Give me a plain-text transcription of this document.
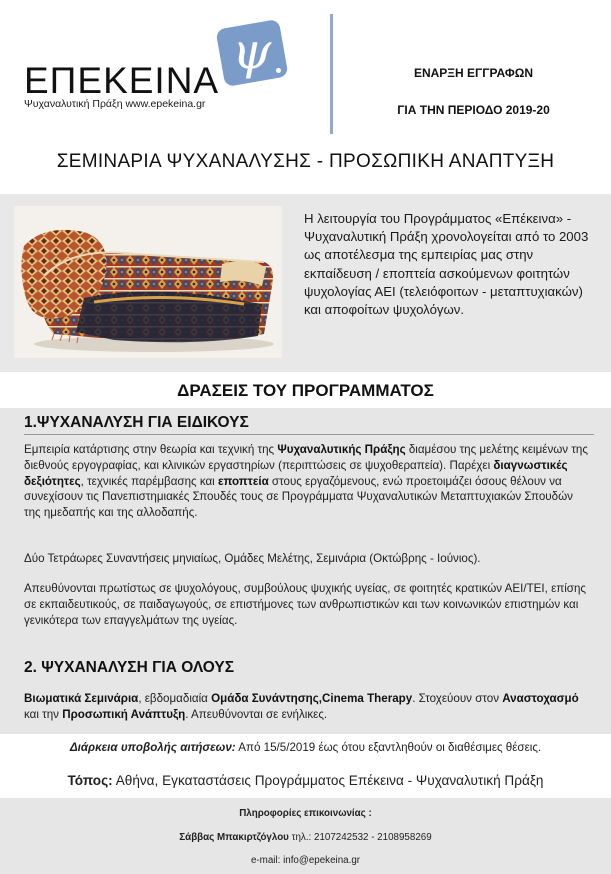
ψ
ΕΠΕΚΕΙΝΑ
Ψυχαναλυτική Πράξη www.epekeina.gr
ΕΝΑΡΞΗ ΕΓΓΡΑΦΩΝ
ΓΙΑ ΤΗΝ ΠΕΡΙΟΔΟ 2019-20
ΣΕΜΙΝΑΡΙΑ ΨΥΧΑΝΑΛΥΣΗΣ - ΠΡΟΣΩΠΙΚΗ ΑΝΑΠΤΥΞΗ
Η λειτουργία του Προγράμματος «Επέκεινα» - Ψυχαναλυτική Πράξη χρονολογείται από το 2003 ως αποτέλεσμα της εμπειρίας μας στην εκπαίδευση / εποπτεία ασκούμενων φοιτητών ψυχολογίας ΑΕΙ (τελειόφοιτων - μεταπτυχιακών) και αποφοίτων ψυχολόγων.
ΔΡΑΣΕΙΣ ΤΟΥ ΠΡΟΓΡΑΜΜΑΤΟΣ
1.ΨΥΧΑΝΑΛΥΣΗ ΓΙΑ ΕΙΔΙΚΟΥΣ
Εμπειρία κατάρτισης στην θεωρία και τεχνική της Ψυχαναλυτικής Πράξης διαμέσου της μελέτης κειμένων της διεθνούς εργογραφίας, και κλινικών εργαστηρίων (περιπτώσεις σε ψυχοθεραπεία). Παρέχει διαγνωστικές δεξιότητες, τεχνικές παρέμβασης και εποπτεία στους εργαζόμενους, ενώ προετοιμάζει όσους θέλουν να συνεχίσουν τις Πανεπιστημιακές Σπουδές τους σε Προγράμματα Ψυχαναλυτικών Μεταπτυχιακών Σπουδών της ημεδαπής και της αλλοδαπής.
Δύο Τετράωρες Συναντήσεις μηνιαίως, Ομάδες Μελέτης, Σεμινάρια (Οκτώβρης - Ιούνιος).
Απευθύνονται πρωτίστως σε ψυχολόγους, συμβούλους ψυχικής υγείας, σε φοιτητές κρατικών ΑΕΙ/ΤΕΙ, επίσης σε εκπαιδευτικούς, σε παιδαγωγούς, σε επιστήμονες των ανθρωπιστικών και των κοινωνικών επιστημών και γενικότερα των επαγγελμάτων της υγείας.
2. ΨΥΧΑΝΑΛΥΣΗ ΓΙΑ ΟΛΟΥΣ
Βιωματικά Σεμινάρια, εβδομαδιαία Ομάδα Συνάντησης,Cinema Therapy. Στοχεύουν στον Αναστοχασμό και την Προσωπική Ανάπτυξη. Απευθύνονται σε ενήλικες.
Διάρκεια υποβολής αιτήσεων: Από 15/5/2019 έως ότου εξαντληθούν οι διαθέσιμες θέσεις.
Τόπος: Αθήνα, Εγκαταστάσεις Προγράμματος Επέκεινα - Ψυχαναλυτική Πράξη
Πληροφορίες επικοινωνίας :
Σάββας Μπακιρτζόγλου τηλ.: 2107242532 - 2108958269
e-mail: info@epekeina.gr
